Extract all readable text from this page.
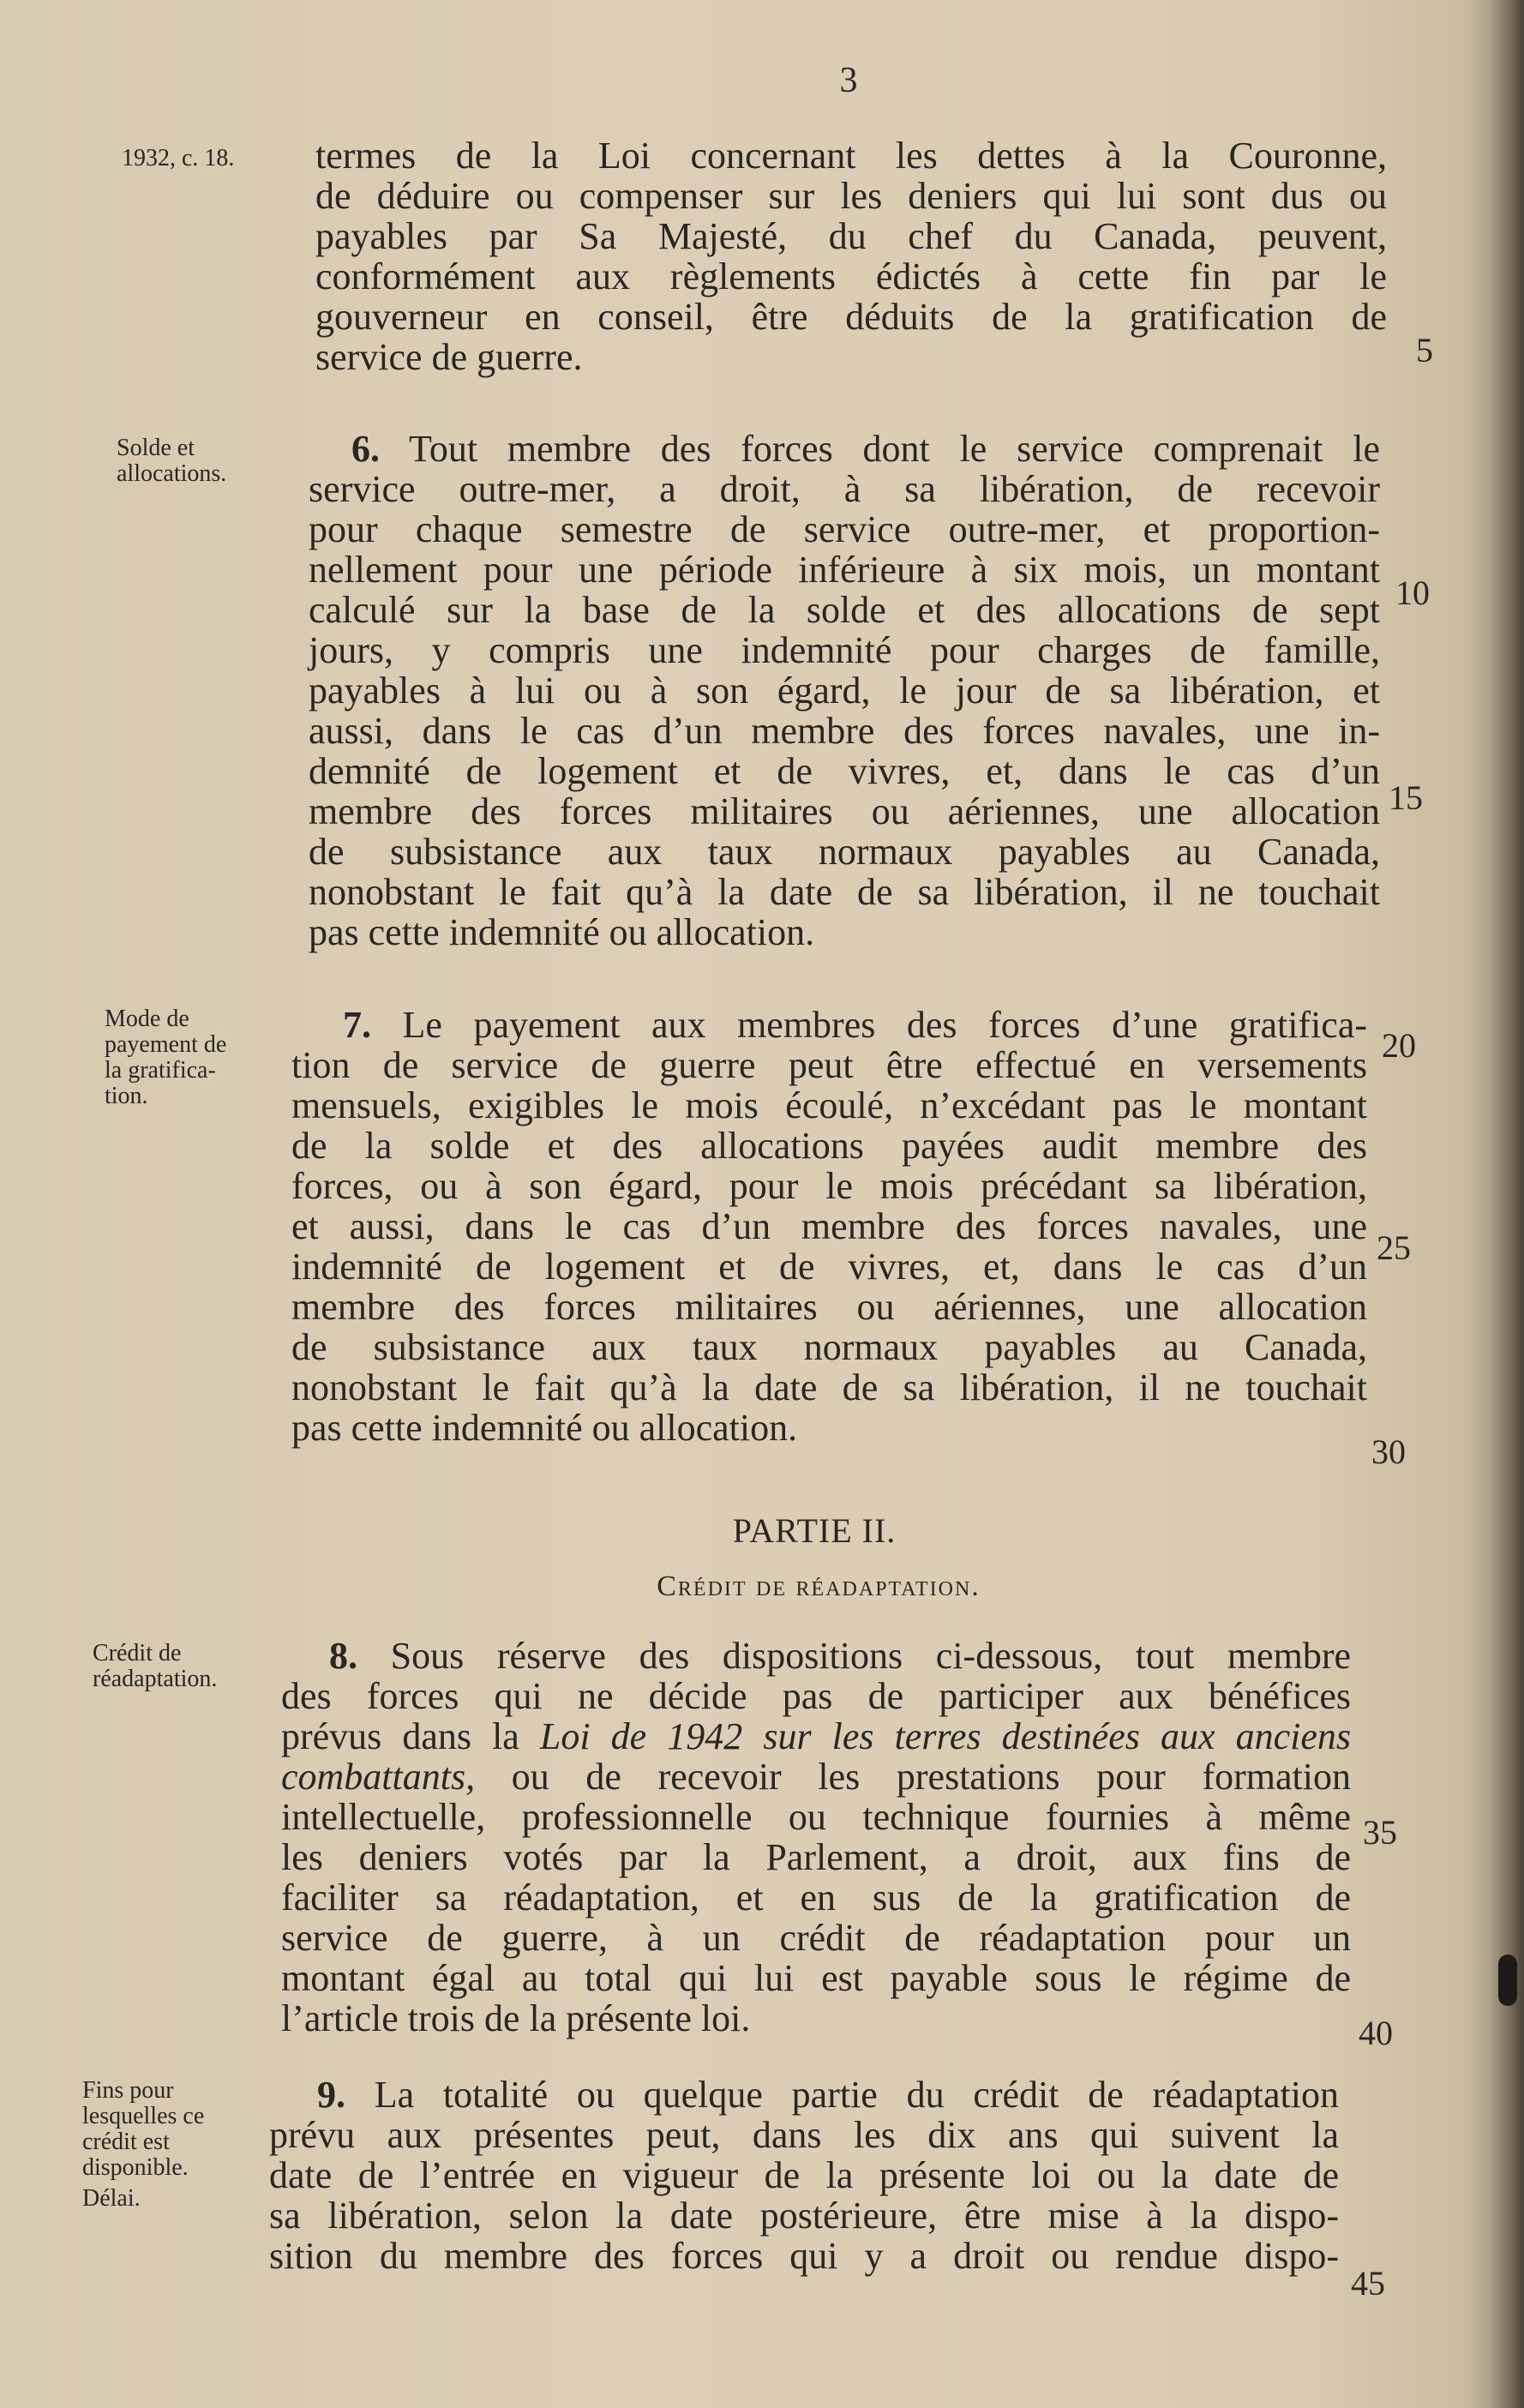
3
1932, c. 18. termes de la Loi concernant les dettes à la Couronne,
de déduire ou compenser sur les deniers qui lui sont dus ou
payables par Sa Majesté, du chef du Canada, peuvent,
conformément aux règlements édictés à cette fin par le
gouverneur en conseil, être déduits de la gratification de
service de guerre.	5
Solde et
allocations.
6. Tout membre des forces dont le service comprenait le
service outre-mer, a droit, à sa libération, de recevoir
pour chaque semestre de service outre-mer, et proportion-
nellement pour une période inférieure à six mois, un montant
calculé sur la base de la solde et des allocations de sept
jours, y compris une indemnité pour charges de famille,
payables à lui ou à son égard, le jour de sa libération, et
aussi, dans le cas d’un membre des forces navales, une in-
demnité de logement et de vivres, et, dans le cas d’un
membre des forces militaires ou aériennes, une allocation
de subsistance aux taux normaux payables au Canada,
nonobstant le fait qu’à la date de sa libération, il ne touchait
pas cette indemnité ou allocation.
10
15
Mode de
payement de
la gratifica-
tion.
7. Le payement aux membres des forces d’une gratifica-
tion de service de guerre peut être effectué en versements
mensuels, exigibles le mois écoulé, n’excédant pas le montant
de la solde et des allocations payées audit membre des
forces, ou à son égard, pour le mois précédant sa libération,
et aussi, dans le cas d’un membre des forces navales, une
indemnité de logement et de vivres, et, dans le cas d’un
membre des forces militaires ou aériennes, une allocation
de subsistance aux taux normaux payables au Canada,
nonobstant le fait qu’à la date de sa libération, il ne touchait
pas cette indemnité ou allocation.
20
25
30
PARTIE II.
Crédit de réadaptation.
Crédit de
réadaptation.
8. Sous réserve des dispositions ci-dessous, tout membre
des forces qui ne décide pas de participer aux bénéfices
prévus dans la Loi de 1942 sur les terres destinées aux anciens
combattants, ou de recevoir les prestations pour formation
intellectuelle, professionnelle ou technique fournies à même
les deniers votés par la Parlement, a droit, aux fins de
faciliter sa réadaptation, et en sus de la gratification de
service de guerre, à un crédit de réadaptation pour un
montant égal au total qui lui est payable sous le régime de
l’article trois de la présente loi.
35
40
Fins pour
lesquelles ce
crédit est
disponible.
Délai.
9. La totalité ou quelque partie du crédit de réadaptation
prévu aux présentes peut, dans les dix ans qui suivent la
date de l’entrée en vigueur de la présente loi ou la date de
sa libération, selon la date postérieure, être mise à la dispo-
sition du membre des forces qui y a droit ou rendue dispo-
45
